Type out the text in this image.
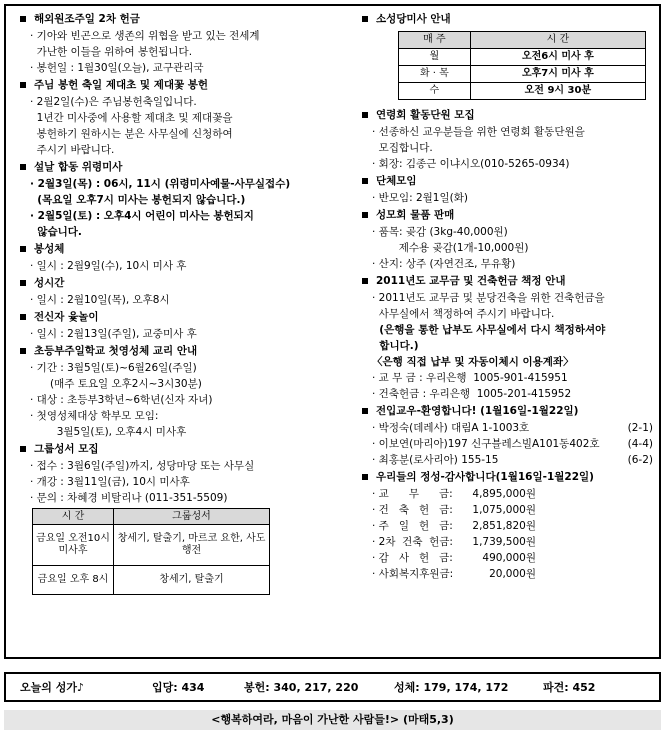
해외원조주일 2차 헌금
· 기아와 빈곤으로 생존의 위협을 받고 있는 전세계
가난한 이들을 위하여 봉헌됩니다.
· 봉헌일 : 1월30일(오늘), 교구관리국
주님 봉헌 축일 제대초 및 제대꽃 봉헌
· 2월2일(수)은 주님봉헌축일입니다.
1년간 미사중에 사용할 제대초 및 제대꽃을
봉헌하기 원하시는 분은 사무실에 신청하여
주시기 바랍니다.
설날 합동 위령미사
· 2월3일(목) : 06시, 11시 (위령미사예물-사무실접수)
(목요일 오후7시 미사는 봉헌되지 않습니다.)
· 2월5일(토) : 오후4시 어린이 미사는 봉헌되지
않습니다.
봉성체
· 일시 : 2월9일(수), 10시 미사 후
성시간
· 일시 : 2월10일(목), 오후8시
전신자 윷놀이
· 일시 : 2월13일(주일), 교중미사 후
초등부주일학교 첫영성체 교리 안내
· 기간 : 3월5일(토)~6월26일(주일)
(매주 토요일 오후2시~3시30분)
· 대상 : 초등부3학년~6학년(신자 자녀)
· 첫영성체대상 학부모 모임:
3월5일(토), 오후4시 미사후
그룹성서 모집
· 접수 : 3월6일(주일)까지, 성당마당 또는 사무실
· 개강 : 3월11일(금), 10시 미사후
· 문의 : 차혜경 비탈리나 (011-351-5509)
시 간	그룹성서
금요일 오전10시 미사후	창세기, 탈출기, 마르코 요한, 사도행전
금요일 오후 8시	창세기, 탈출기
소성당미사 안내
매 주	시 간
월	오전6시 미사 후
화 · 목	오후7시 미사 후
수	오전 9시 30분
연령회 활동단원 모집
· 선종하신 교우분들을 위한 연령회 활동단원을
모집합니다.
· 회장: 김종근 이냐시오(010-5265-0934)
단체모임
· 반모임: 2월1일(화)
성모회 물품 판매
· 품목: 곶감 (3kg-40,000원)
제수용 곶감(1개-10,000원)
· 산지: 상주 (자연건조, 무유황)
2011년도 교무금 및 건축헌금 책정 안내
· 2011년도 교무금 및 분당건축을 위한 건축헌금을
사무실에서 책정하여 주시기 바랍니다.
(은행을 통한 납부도 사무실에서 다시 책정하셔야
합니다.)
〈은행 직접 납부 및 자동이체시 이용계좌〉
· 교 무 금 : 우리은행  1005-901-415951
· 건축헌금 : 우리은행  1005-201-415952
전입교우-환영합니다! (1월16일-1월22일)
· 박정숙(데레사) 대림A 1-1003호	(2-1)
· 이보연(마리아)197 신구블레스빌A101동402호	(4-4)
· 최홍분(로사리아) 155-15	(6-2)
우리들의 정성-감사합니다(1월16일-1월22일)
· 교      무      금:	4,895,000원
· 건   축   헌   금:	1,075,000원
· 주   일   헌   금:	2,851,820원
· 2차  건축  헌금:	1,739,500원
· 감   사   헌   금:	490,000원
· 사회복지후원금:	20,000원
오늘의 성가♪	입당: 434	봉헌: 340, 217, 220	성체: 179, 174, 172	파견: 452
<행복하여라, 마음이 가난한 사람들!> (마태5,3)
